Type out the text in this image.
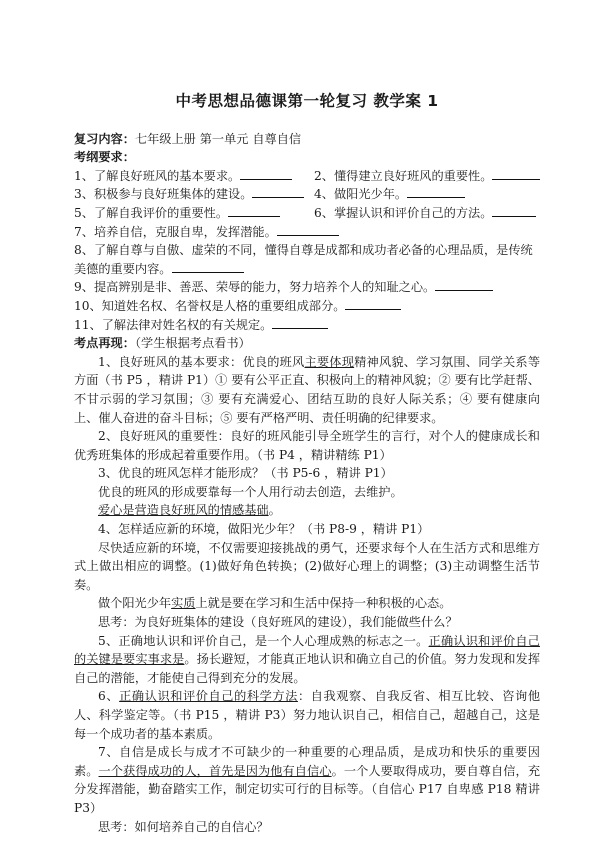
中考思想品德课第一轮复习 教学案 1
复习内容：七年级上册 第一单元 自尊自信
考纲要求：
1、了解良好班风的基本要求。	2、懂得建立良好班风的重要性。
3、积极参与良好班集体的建设。	4、做阳光少年。
5、了解自我评价的重要性。	6、掌握认识和评价自己的方法。
7、培养自信，克服自卑，发挥潜能。
8、了解自尊与自傲、虚荣的不同，懂得自尊是成都和成功者必备的心理品质，是传统
美德的重要内容。
9、提高辨别是非、善恶、荣辱的能力，努力培养个人的知耻之心。
10、知道姓名权、名誉权是人格的重要组成部分。
11、了解法律对姓名权的有关规定。
考点再现：（学生根据考点看书）

1、良好班风的基本要求：优良的班风主要体现精神风貌、学习氛围、同学关系等方面（书 P5 ，精讲 P1）① 要有公平正直、积极向上的精神风貌；② 要有比学赶帮、不甘示弱的学习氛围；③ 要有充满爱心、团结互助的良好人际关系；④ 要有健康向上、催人奋进的奋斗目标；⑤ 要有严格严明、责任明确的纪律要求。

2、良好班风的重要性：良好的班风能引导全班学生的言行，对个人的健康成长和优秀班集体的形成起着重要作用。（书 P4 ，精讲精练 P1）

3、优良的班风怎样才能形成？（书 P5-6 ，精讲 P1）

优良的班风的形成要靠每一个人用行动去创造，去维护。

爱心是营造良好班风的情感基础。

4、怎样适应新的环境，做阳光少年？（书 P8-9 ，精讲 P1）

尽快适应新的环境，不仅需要迎接挑战的勇气，还要求每个人在生活方式和思维方式上做出相应的调整。(1)做好角色转换；(2)做好心理上的调整；(3)主动调整生活节奏。

做个阳光少年实质上就是要在学习和生活中保持一种积极的心态。

思考：为良好班集体的建设（良好班风的建设），我们能做些什么？

5、正确地认识和评价自己，是一个人心理成熟的标志之一。正确认识和评价自己的关键是要实事求是。扬长避短，才能真正地认识和确立自己的价值。努力发现和发挥自己的潜能，才能使自己得到充分的发展。

6、正确认识和评价自己的科学方法：自我观察、自我反省、相互比较、咨询他人、科学鉴定等。（书 P15 ，精讲 P3）努力地认识自己，相信自己，超越自己，这是每一个成功者的基本素质。

7、自信是成长与成才不可缺少的一种重要的心理品质，是成功和快乐的重要因素。一个获得成功的人，首先是因为他有自信心。一个人要取得成功，要自尊自信，充分发挥潜能，勤奋踏实工作，制定切实可行的目标等。（自信心 P17 自卑感 P18 精讲 P3）

思考：如何培养自己的自信心？
